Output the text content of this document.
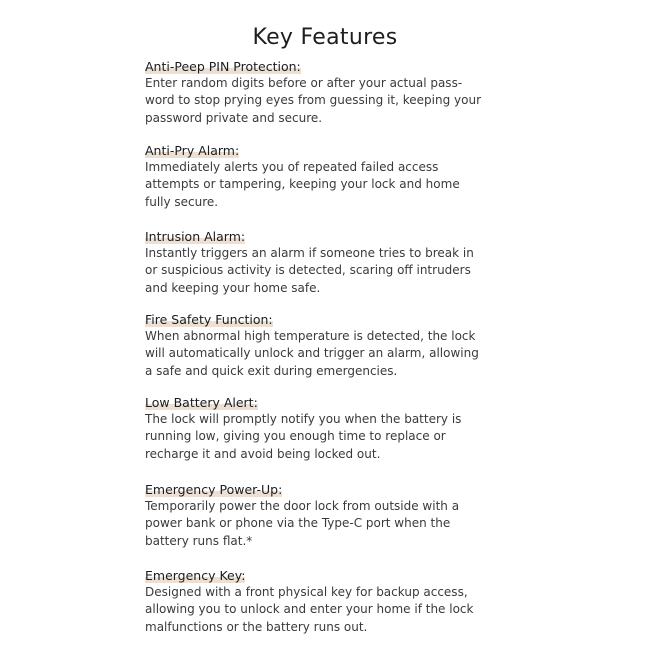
Key Features
Anti-Peep PIN Protection:

Enter random digits before or after your actual pass-
word to stop prying eyes from guessing it, keeping your
password private and secure.

Anti-Pry Alarm:

Immediately alerts you of repeated failed access
attempts or tampering, keeping your lock and home
fully secure.

Intrusion Alarm:

Instantly triggers an alarm if someone tries to break in
or suspicious activity is detected, scaring off intruders
and keeping your home safe.

Fire Safety Function:

When abnormal high temperature is detected, the lock
will automatically unlock and trigger an alarm, allowing
a safe and quick exit during emergencies.

Low Battery Alert:

The lock will promptly notify you when the battery is
running low, giving you enough time to replace or
recharge it and avoid being locked out.

Emergency Power-Up:

Temporarily power the door lock from outside with a
power bank or phone via the Type-C port when the
battery runs flat.*

Emergency Key:

Designed with a front physical key for backup access,
allowing you to unlock and enter your home if the lock
malfunctions or the battery runs out.
